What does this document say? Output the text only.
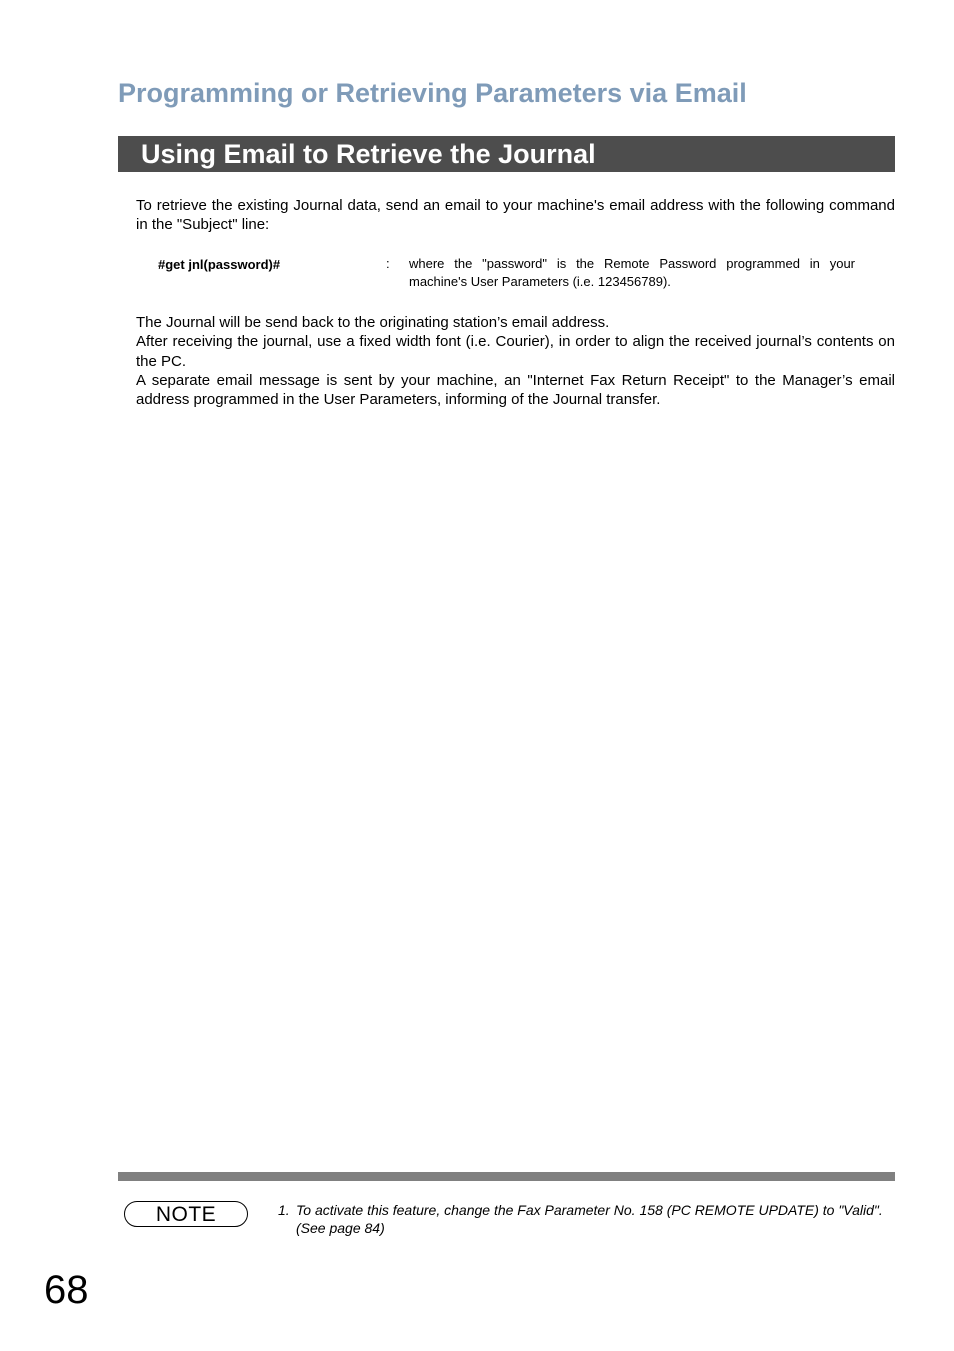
Programming or Retrieving Parameters via Email
Using Email to Retrieve the Journal
To retrieve the existing Journal data, send an email to your machine's email address with the following command in the "Subject" line:
#get jnl(password)#	: where the "password" is the Remote Password programmed in your machine's User Parameters (i.e. 123456789).

The Journal will be send back to the originating station’s email address.

After receiving the journal, use a fixed width font (i.e. Courier), in order to align the received journal’s contents on the PC.

A separate email message is sent by your machine, an "Internet Fax Return Receipt" to the Manager’s email address programmed in the User Parameters, informing of the Journal transfer.

NOTE	1. To activate this feature, change the Fax Parameter No. 158 (PC REMOTE UPDATE) to "Valid". (See page 84)
68
